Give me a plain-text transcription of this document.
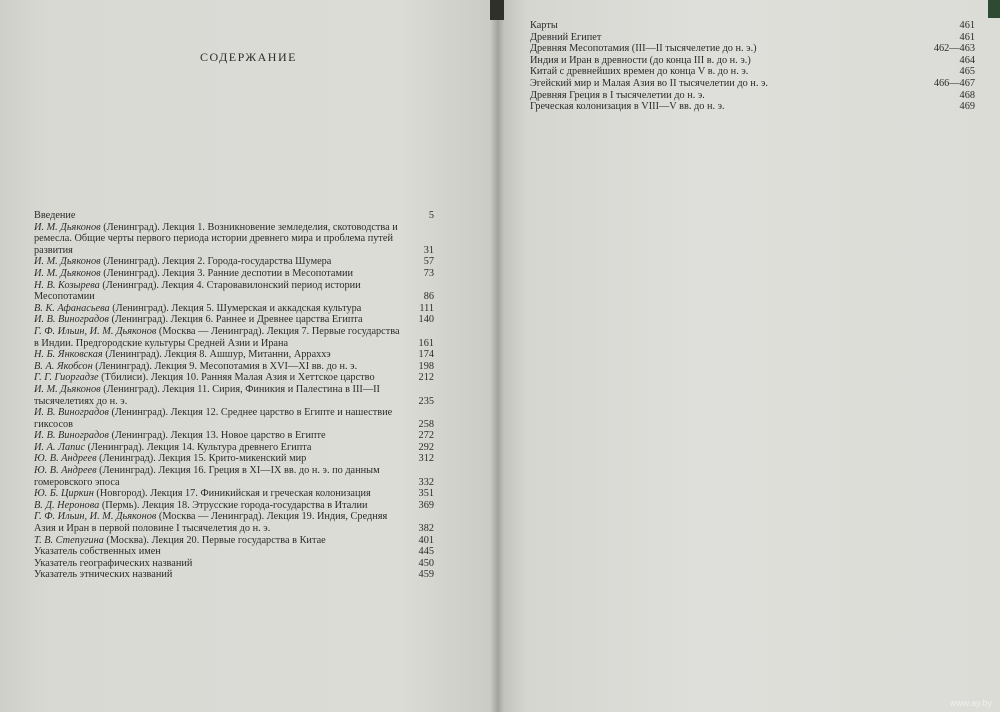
СОДЕРЖАНИЕ
Введение	5
И. М. Дьяконов (Ленинград). Лекция 1. Возникновение земледелия, скотоводства и ремесла. Общие черты первого периода истории древнего мира и проблема путей развития	31
И. М. Дьяконов (Ленинград). Лекция 2. Города-государства Шумера	57
И. М. Дьяконов (Ленинград). Лекция 3. Ранние деспотии в Месопотамии	73
Н. В. Козырева (Ленинград). Лекция 4. Старовавилонский период истории Месопотамии	86
В. К. Афанасьева (Ленинград). Лекция 5. Шумерская и аккадская культура	111
И. В. Виноградов (Ленинград). Лекция 6. Раннее и Древнее царства Египта	140
Г. Ф. Ильин, И. М. Дьяконов (Москва — Ленинград). Лекция 7. Первые государства в Индии. Предгородские культуры Средней Азии и Ирана	161
Н. Б. Янковская (Ленинград). Лекция 8. Ашшур, Митанни, Арраххэ	174
В. А. Якобсон (Ленинград). Лекция 9. Месопотамия в XVI—XI вв. до н. э.	198
Г. Г. Гиоргадзе (Тбилиси). Лекция 10. Ранняя Малая Азия и Хеттское царство	212
И. М. Дьяконов (Ленинград). Лекция 11. Сирия, Финикия и Палестина в III—II тысячелетиях до н. э.	235
И. В. Виноградов (Ленинград). Лекция 12. Среднее царство в Египте и нашествие гиксосов	258
И. В. Виноградов (Ленинград). Лекция 13. Новое царство в Египте	272
И. А. Лапис (Ленинград). Лекция 14. Культура древнего Египта	292
Ю. В. Андреев (Ленинград). Лекция 15. Крито-микенский мир	312
Ю. В. Андреев (Ленинград). Лекция 16. Греция в XI—IX вв. до н. э. по данным гомеровского эпоса	332
Ю. Б. Циркин (Новгород). Лекция 17. Финикийская и греческая колонизация	351
В. Д. Неронова (Пермь). Лекция 18. Этрусские города-государства в Италии	369
Г. Ф. Ильин, И. М. Дьяконов (Москва — Ленинград). Лекция 19. Индия, Средняя Азия и Иран в первой половине I тысячелетия до н. э.	382
Т. В. Степугина (Москва). Лекция 20. Первые государства в Китае	401
Указатель собственных имен	445
Указатель географических названий	450
Указатель этнических названий	459
Карты	461
Древний Египет	461
Древняя Месопотамия (III—II тысячелетие до н. э.)	462—463
Индия и Иран в древности (до конца III в. до н. э.)	464
Китай с древнейших времен до конца V в. до н. э.	465
Эгейский мир и Малая Азия во II тысячелетии до н. э.	466—467
Древняя Греция в I тысячелетии до н. э.	468
Греческая колонизация в VIII—V вв. до н. э.	469
www.ay.by
